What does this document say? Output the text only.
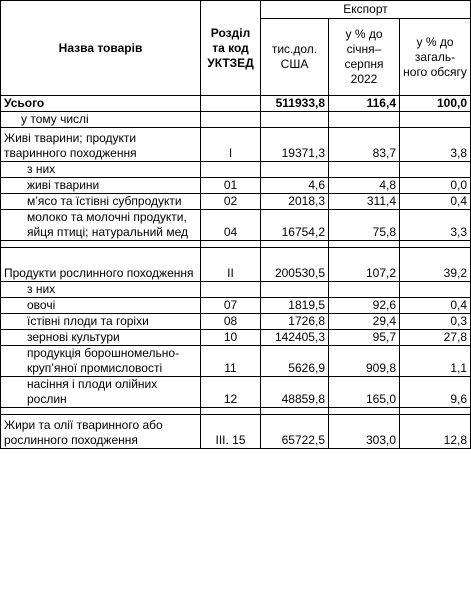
Назва товарів	Розділ та код УКТЗЕД	Експорт		
		тис.дол. США	у % до січня–серпня 2022	у % до загаль-ного обсягу
Усього		511933,8	116,4	100,0
у тому числі				
Живі тварини; продукти тваринного походження	I	19371,3	83,7	3,8
з них				
живі тварини	01	4,6	4,8	0,0
м’ясо та їстівні субпродукти	02	2018,3	311,4	0,4
молоко та молочні продукти, яйця птиці; натуральний мед	04	16754,2	75,8	3,3

Продукти рослинного походження	II	200530,5	107,2	39,2
з них				
овочі	07	1819,5	92,6	0,4
їстівні плоди та горіхи	08	1726,8	29,4	0,3
зернові культури	10	142405,3	95,7	27,8
продукція борошномельно-круп’яної промисловості	11	5626,9	909,8	1,1
насіння і плоди олійних рослин	12	48859,8	165,0	9,6

Жири та олії тваринного або рослинного походження	III. 15	65722,5	303,0	12,8
